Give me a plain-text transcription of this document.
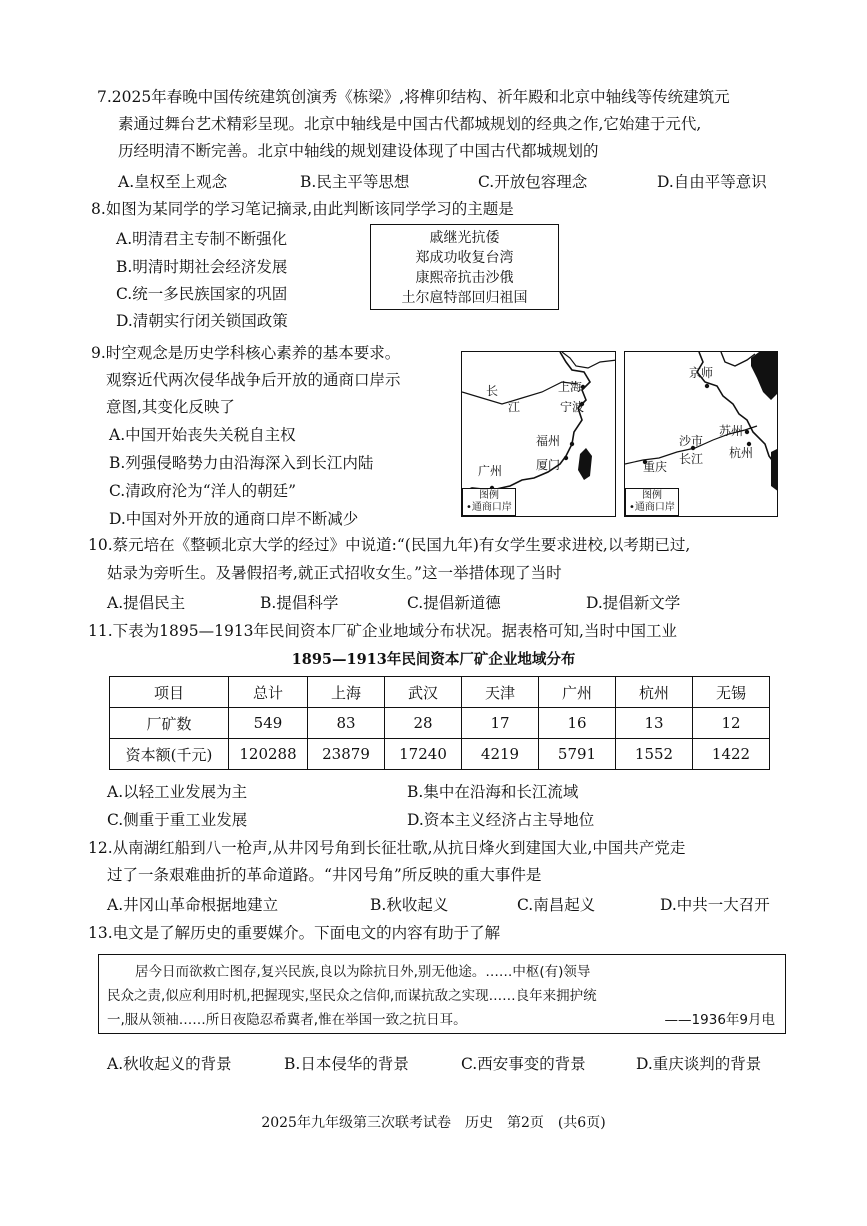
7.2025年春晚中国传统建筑创演秀《栋梁》,将榫卯结构、祈年殿和北京中轴线等传统建筑元
素通过舞台艺术精彩呈现。北京中轴线是中国古代都城规划的经典之作,它始建于元代,
历经明清不断完善。北京中轴线的规划建设体现了中国古代都城规划的
A.皇权至上观念	B.民主平等思想	C.开放包容理念	D.自由平等意识
8.如图为某同学的学习笔记摘录,由此判断该同学学习的主题是
A.明清君主专制不断强化
B.明清时期社会经济发展
C.统一多民族国家的巩固
D.清朝实行闭关锁国政策
戚继光抗倭
郑成功收复台湾
康熙帝抗击沙俄
土尔扈特部回归祖国
9.时空观念是历史学科核心素养的基本要求。
观察近代两次侵华战争后开放的通商口岸示
意图,其变化反映了
A.中国开始丧失关税自主权
B.列强侵略势力由沿海深入到长江内陆
C.清政府沦为“洋人的朝廷”
D.中国对外开放的通商口岸不断减少
长
江
上海
宁波
福州
厦门
广州
图例
•通商口岸
京师
苏州
杭州
沙市
重庆
长江
图例
•通商口岸
10.蔡元培在《整顿北京大学的经过》中说道:“(民国九年)有女学生要求进校,以考期已过,
姑录为旁听生。及暑假招考,就正式招收女生。”这一举措体现了当时
A.提倡民主	B.提倡科学	C.提倡新道德	D.提倡新文学
11.下表为1895—1913年民间资本厂矿企业地域分布状况。据表格可知,当时中国工业
1895—1913年民间资本厂矿企业地域分布
项目	总计	上海	武汉	天津	广州	杭州	无锡
厂矿数	549	83	28	17	16	13	12
资本额(千元)	120288	23879	17240	4219	5791	1552	1422
A.以轻工业发展为主	B.集中在沿海和长江流域
C.侧重于重工业发展	D.资本主义经济占主导地位
12.从南湖红船到八一枪声,从井冈号角到长征壮歌,从抗日烽火到建国大业,中国共产党走
过了一条艰难曲折的革命道路。“井冈号角”所反映的重大事件是
A.井冈山革命根据地建立	B.秋收起义	C.南昌起义	D.中共一大召开
13.电文是了解历史的重要媒介。下面电文的内容有助于了解
居今日而欲救亡图存,复兴民族,良以为除抗日外,别无他途。……中枢(有)领导
民众之责,似应利用时机,把握现实,坚民众之信仰,而谋抗敌之实现……良年来拥护统
一,服从领袖……所日夜隐忍希冀者,惟在举国一致之抗日耳。	——1936年9月电
A.秋收起义的背景	B.日本侵华的背景	C.西安事变的背景	D.重庆谈判的背景
2025年九年级第三次联考试卷　历史　第2页　(共6页)
